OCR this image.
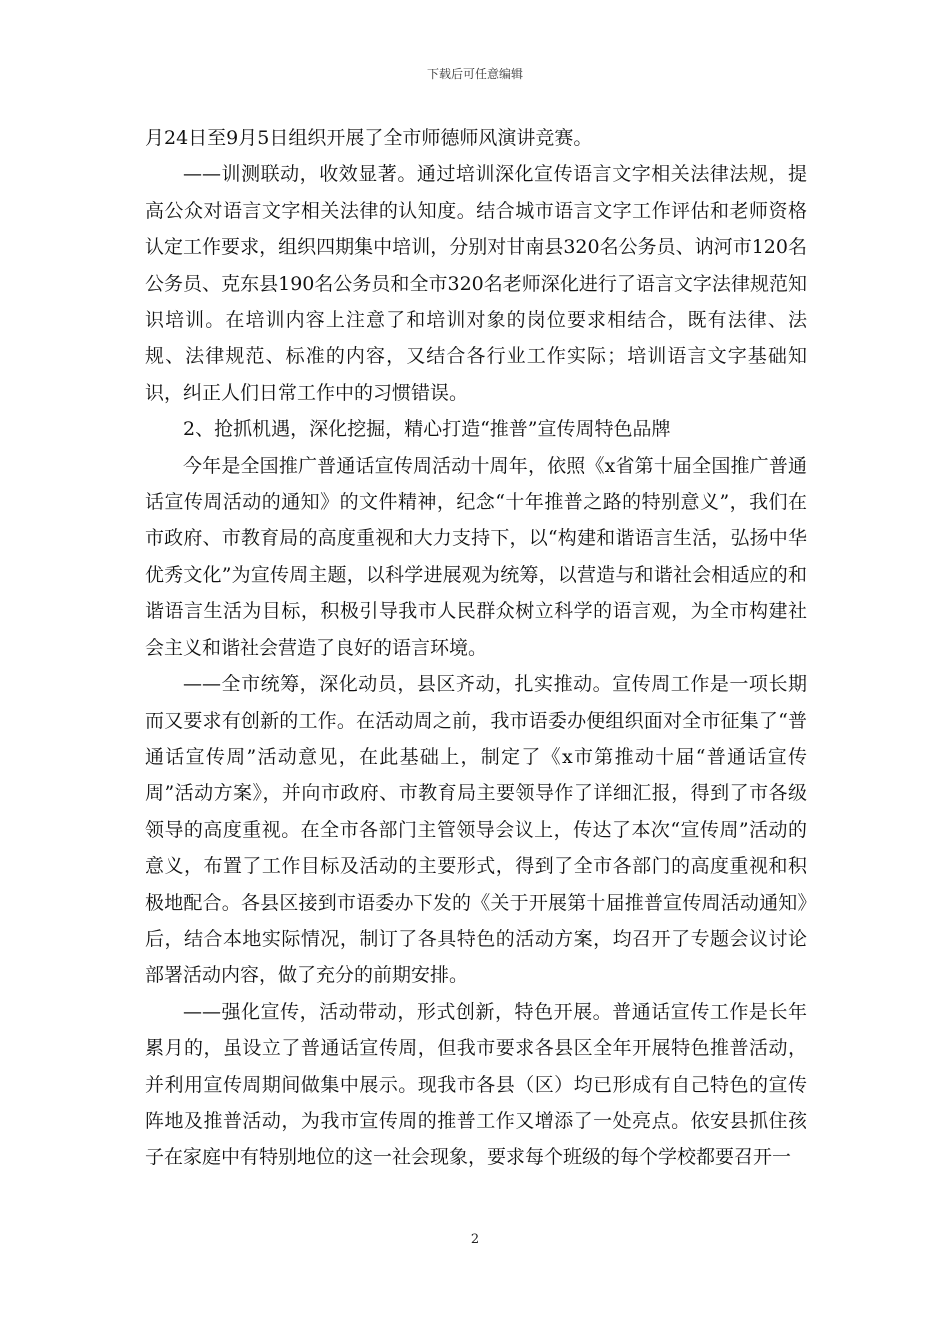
下载后可任意编辑

月24日至9月5日组织开展了全市师德师风演讲竞赛。

——训测联动，收效显著。通过培训深化宣传语言文字相关法律法规，提高公众对语言文字相关法律的认知度。结合城市语言文字工作评估和老师资格认定工作要求，组织四期集中培训，分别对甘南县320名公务员、讷河市120名公务员、克东县190名公务员和全市320名老师深化进行了语言文字法律规范知识培训。在培训内容上注意了和培训对象的岗位要求相结合，既有法律、法规、法律规范、标准的内容，又结合各行业工作实际；培训语言文字基础知识，纠正人们日常工作中的习惯错误。

2、抢抓机遇，深化挖掘，精心打造“推普”宣传周特色品牌

今年是全国推广普通话宣传周活动十周年，依照《x省第十届全国推广普通话宣传周活动的通知》的文件精神，纪念“十年推普之路的特别意义”，我们在市政府、市教育局的高度重视和大力支持下，以“构建和谐语言生活，弘扬中华优秀文化”为宣传周主题，以科学进展观为统筹，以营造与和谐社会相适应的和谐语言生活为目标，积极引导我市人民群众树立科学的语言观，为全市构建社会主义和谐社会营造了良好的语言环境。

——全市统筹，深化动员，县区齐动，扎实推动。宣传周工作是一项长期而又要求有创新的工作。在活动周之前，我市语委办便组织面对全市征集了“普通话宣传周”活动意见，在此基础上，制定了《x市第推动十届“普通话宣传周”活动方案》，并向市政府、市教育局主要领导作了详细汇报，得到了市各级领导的高度重视。在全市各部门主管领导会议上，传达了本次“宣传周”活动的意义，布置了工作目标及活动的主要形式，得到了全市各部门的高度重视和积极地配合。各县区接到市语委办下发的《关于开展第十届推普宣传周活动通知》后，结合本地实际情况，制订了各具特色的活动方案，均召开了专题会议讨论部署活动内容，做了充分的前期安排。

——强化宣传，活动带动，形式创新，特色开展。普通话宣传工作是长年累月的，虽设立了普通话宣传周，但我市要求各县区全年开展特色推普活动，并利用宣传周期间做集中展示。现我市各县（区）均已形成有自己特色的宣传阵地及推普活动，为我市宣传周的推普工作又增添了一处亮点。依安县抓住孩子在家庭中有特别地位的这一社会现象，要求每个班级的每个学校都要召开一

2
